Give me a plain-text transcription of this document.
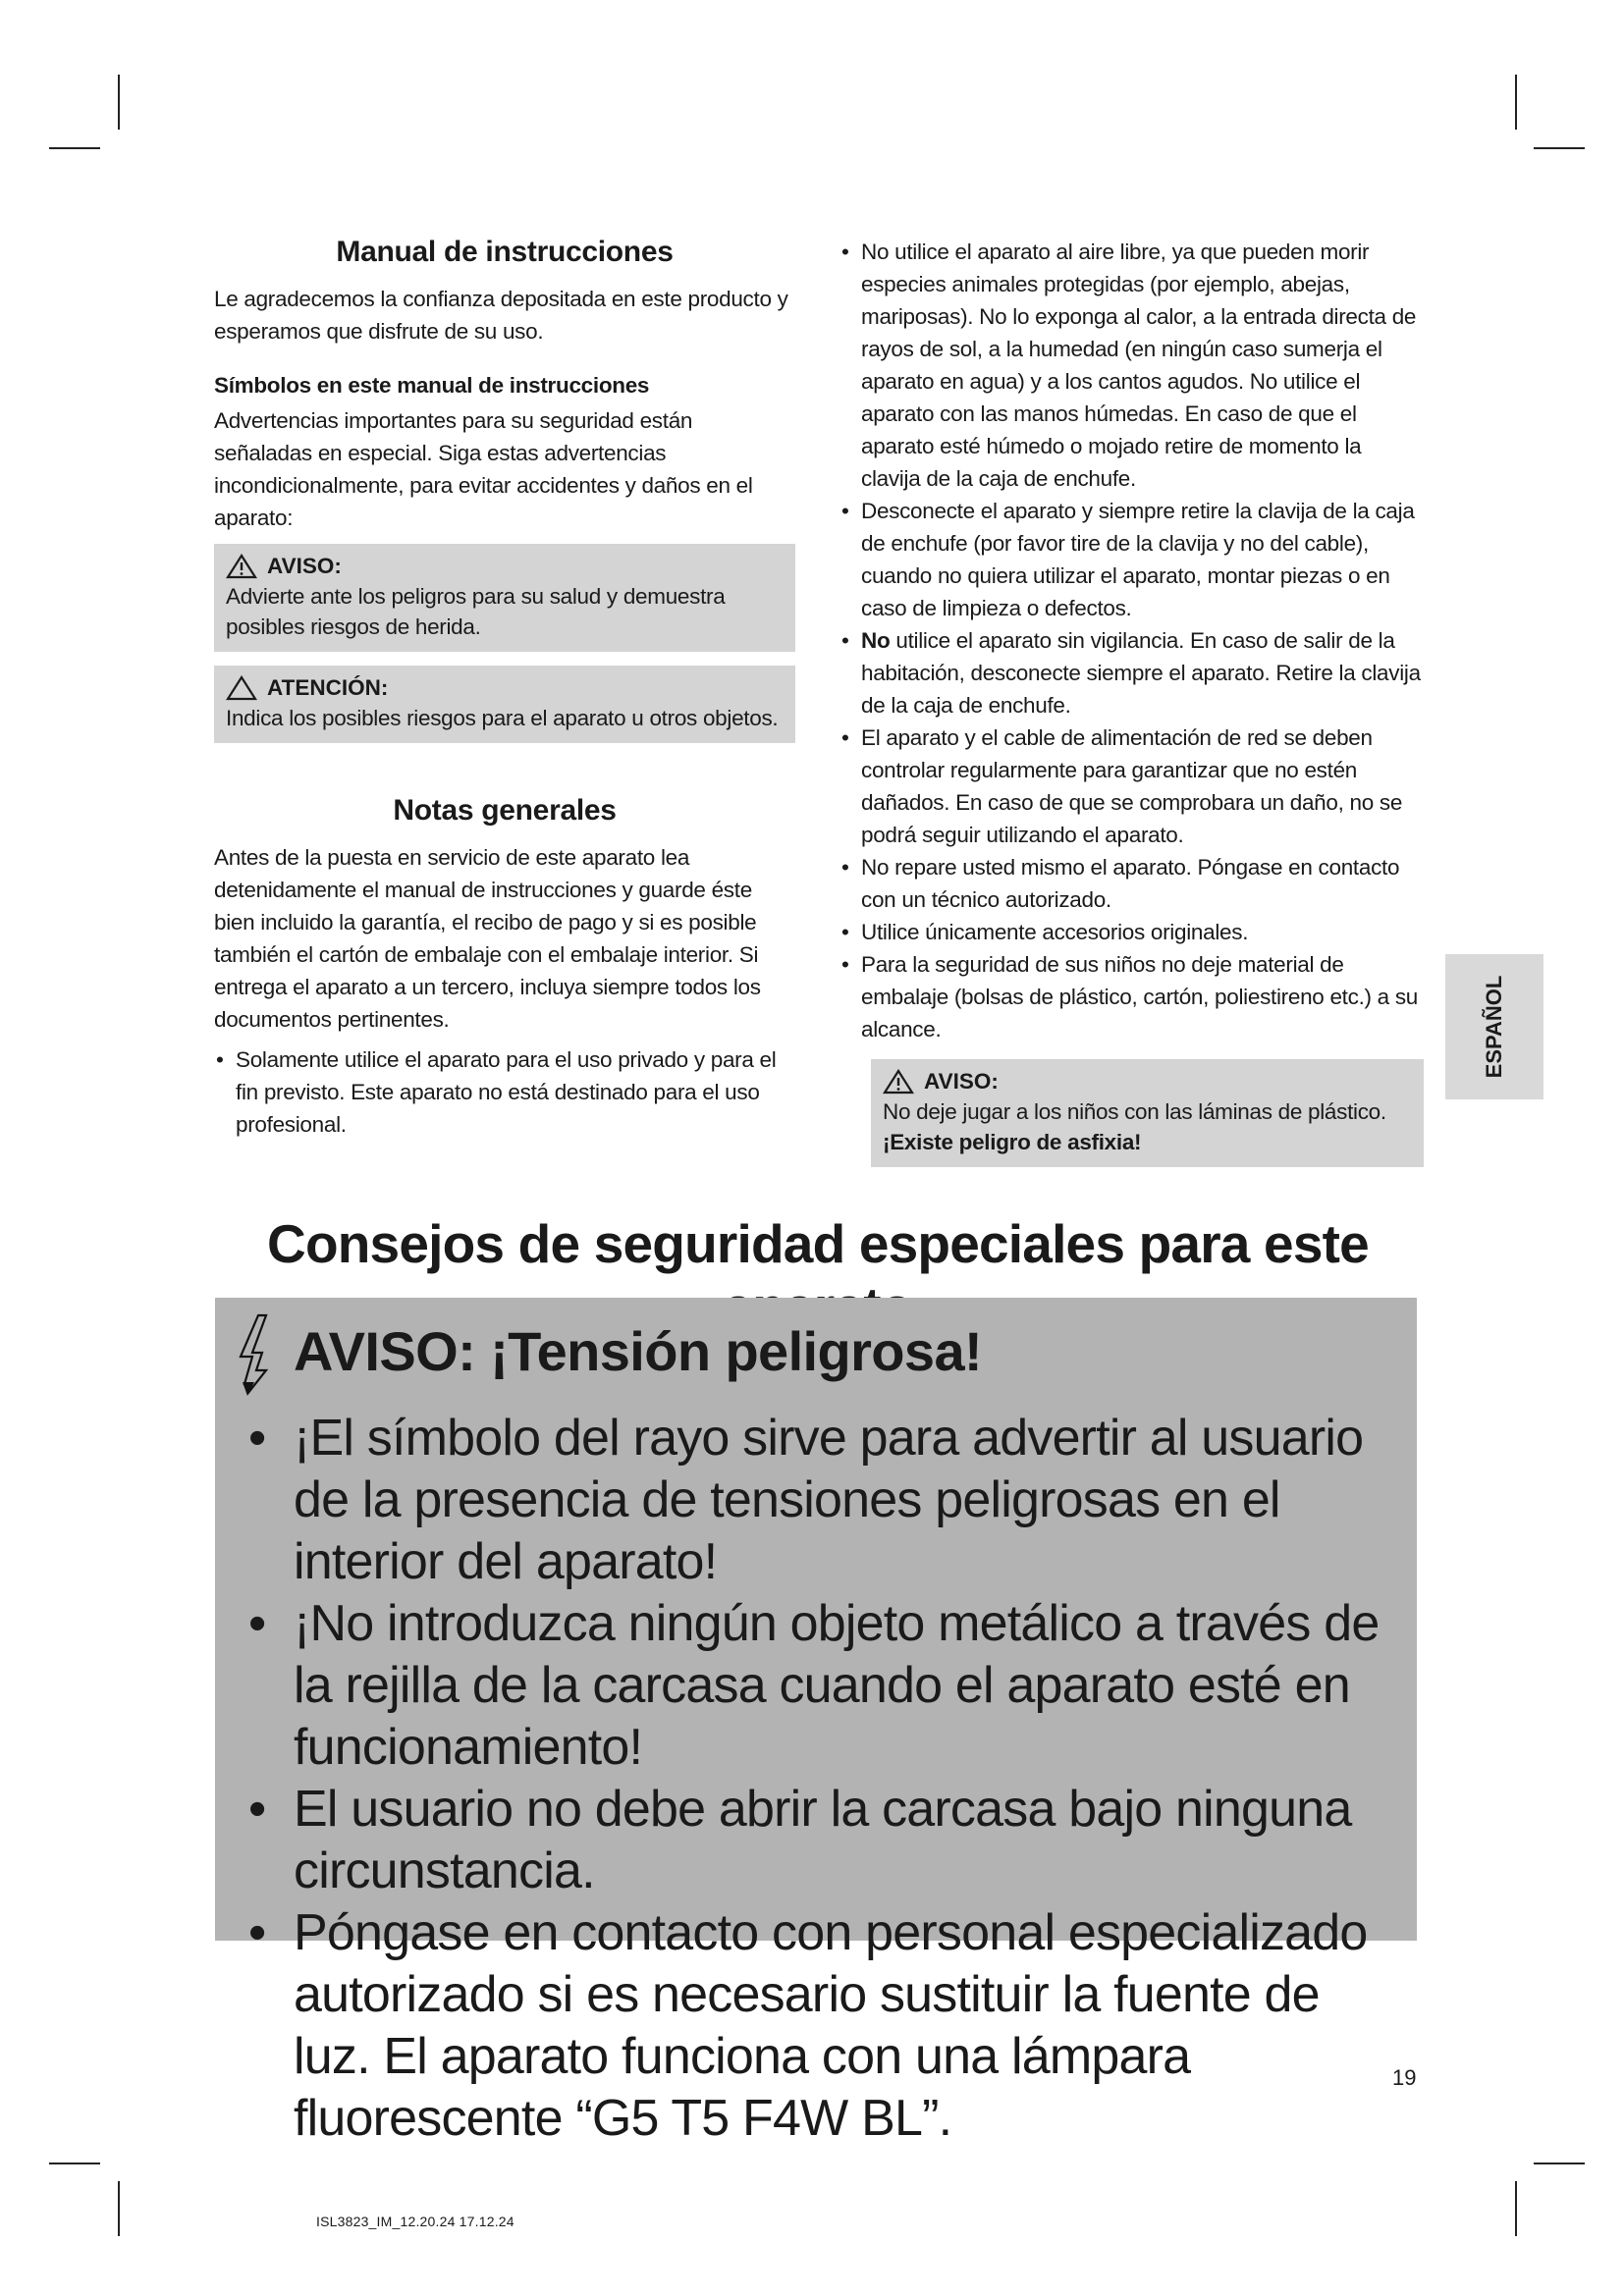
Manual de instrucciones

Le agradecemos la confianza depositada en este producto y esperamos que disfrute de su uso.

Símbolos en este manual de instrucciones

Advertencias importantes para su seguridad están señaladas en especial. Siga estas advertencias incondicionalmente, para evitar accidentes y daños en el aparato:

AVISO:
Advierte ante los peligros para su salud y demuestra posibles riesgos de herida.
ATENCIÓN:
Indica los posibles riesgos para el aparato u otros objetos.
Notas generales

Antes de la puesta en servicio de este aparato lea detenidamente el manual de instrucciones y guarde éste bien incluido la garantía, el recibo de pago y si es posible también el cartón de embalaje con el embalaje interior. Si entrega el aparato a un tercero, incluya siempre todos los documentos pertinentes.

• Solamente utilice el aparato para el uso privado y para el fin previsto. Este aparato no está destinado para el uso profesional.
• No utilice el aparato al aire libre, ya que pueden morir especies animales protegidas (por ejemplo, abejas, mariposas). No lo exponga al calor, a la entrada directa de rayos de sol, a la humedad (en ningún caso sumerja el aparato en agua) y a los cantos agudos. No utilice el aparato con las manos húmedas. En caso de que el aparato esté húmedo o mojado retire de momento la clavija de la caja de enchufe.
• Desconecte el aparato y siempre retire la clavija de la caja de enchufe (por favor tire de la clavija y no del cable), cuando no quiera utilizar el aparato, montar piezas o en caso de limpieza o defectos.
• No utilice el aparato sin vigilancia. En caso de salir de la habitación, desconecte siempre el aparato. Retire la clavija de la caja de enchufe.
• El aparato y el cable de alimentación de red se deben controlar regularmente para garantizar que no estén dañados. En caso de que se comprobara un daño, no se podrá seguir utilizando el aparato.
• No repare usted mismo el aparato. Póngase en contacto con un técnico autorizado.
• Utilice únicamente accesorios originales.
• Para la seguridad de sus niños no deje material de embalaje (bolsas de plástico, cartón, poliestireno etc.) a su alcance.
AVISO:
No deje jugar a los niños con las láminas de plástico.
¡Existe peligro de asfixia!
ESPAÑOL
Consejos de seguridad especiales para este
AVISO: ¡Tensión peligrosa!
• ¡El símbolo del rayo sirve para advertir al usuario de la presencia de tensiones peligrosas en el interior del aparato!
• ¡No introduzca ningún objeto metálico a través de la rejilla de la carcasa cuando el aparato esté en funcionamiento!
• El usuario no debe abrir la carcasa bajo ninguna circunstancia.
• Póngase en contacto con personal especializado autorizado si es necesario sustituir la fuente de luz. El aparato funciona con una lámpara fluorescente “G5 T5 F4W BL”.
19
ISL3823_IM_12.20.24 17.12.24
